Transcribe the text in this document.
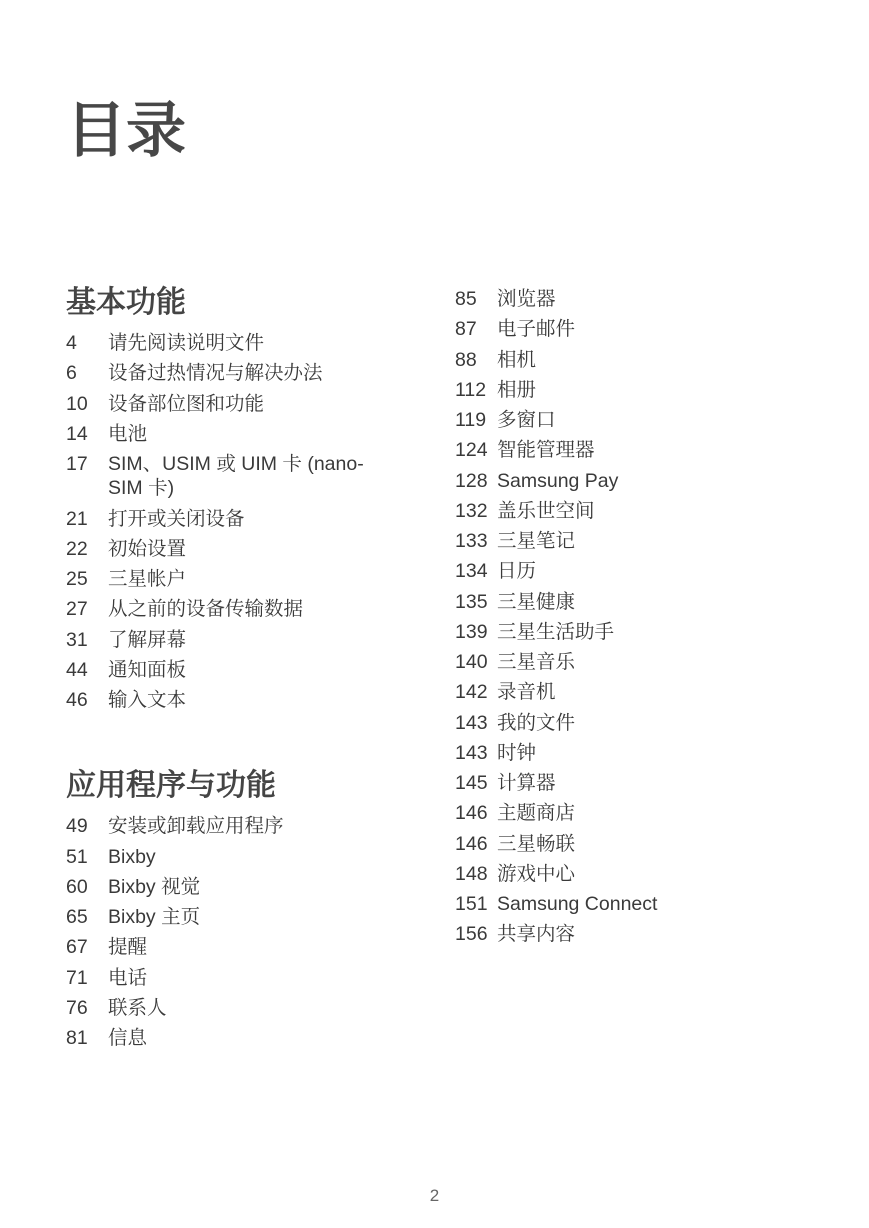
目录
基本功能
4	请先阅读说明文件
6	设备过热情况与解决办法
10	设备部位图和功能
14	电池
17	SIM、USIM 或 UIM 卡 (nano-SIM 卡)
21	打开或关闭设备
22	初始设置
25	三星帐户
27	从之前的设备传输数据
31	了解屏幕
44	通知面板
46	输入文本
应用程序与功能
49	安装或卸载应用程序
51	Bixby
60	Bixby 视觉
65	Bixby 主页
67	提醒
71	电话
76	联系人
81	信息
85	浏览器
87	电子邮件
88	相机
112 相册
119 多窗口
124 智能管理器
128 Samsung Pay
132 盖乐世空间
133 三星笔记
134 日历
135 三星健康
139 三星生活助手
140 三星音乐
142 录音机
143 我的文件
143 时钟
145 计算器
146 主题商店
146 三星畅联
148 游戏中心
151 Samsung Connect
156 共享内容
2
